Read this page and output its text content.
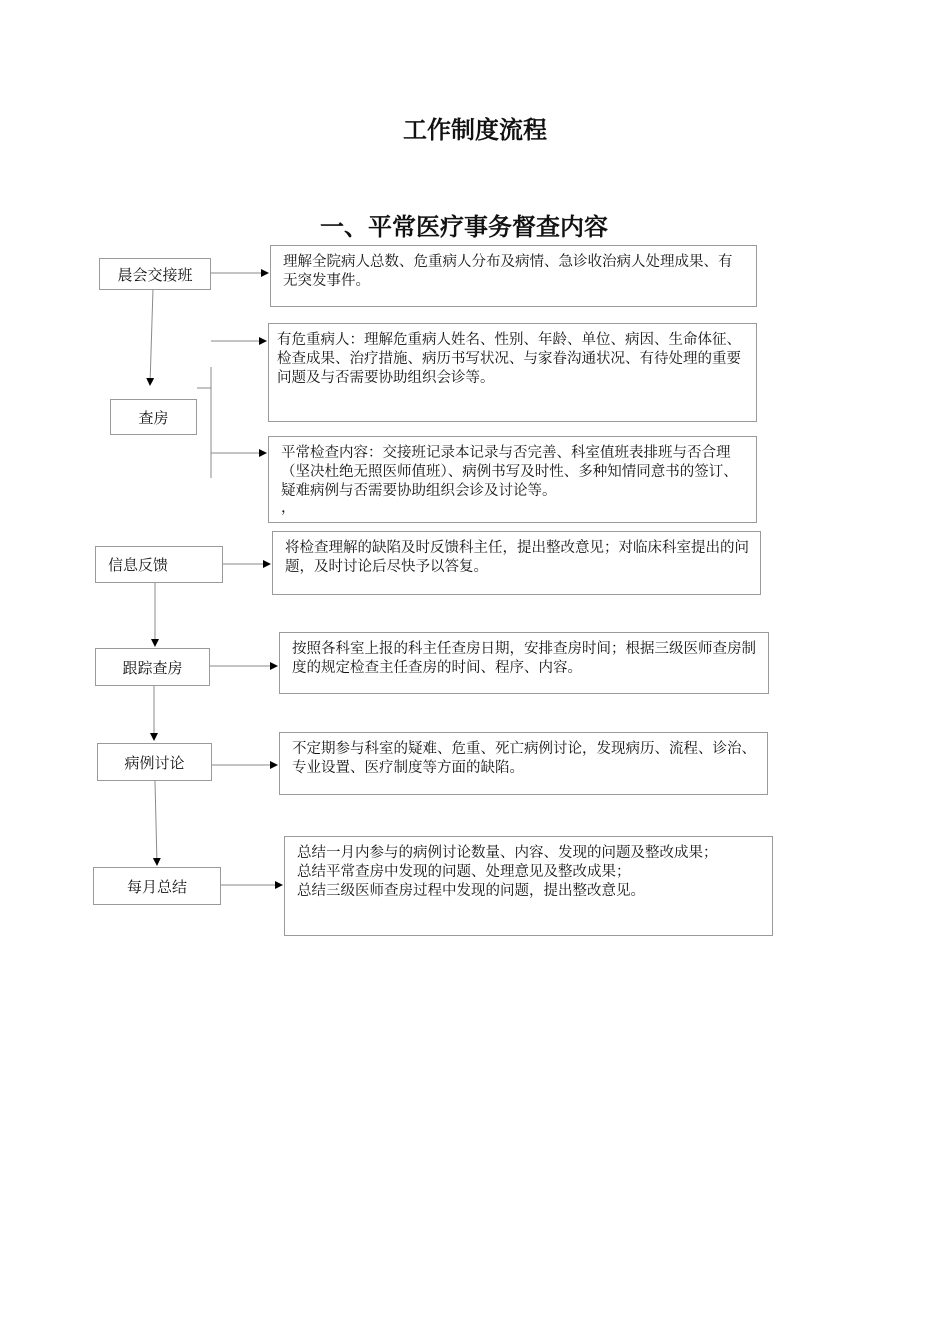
工作制度流程
一、平常医疗事务督查内容
晨会交接班
查房
信息反馈
跟踪查房
病例讨论
每月总结

理解全院病人总数、危重病人分布及病情、急诊收治病人处理成果、有无突发事件。

有危重病人：理解危重病人姓名、性别、年龄、单位、病因、生命体征、检查成果、治疗措施、病历书写状况、与家眷沟通状况、有待处理的重要问题及与否需要协助组织会诊等。

平常检查内容：交接班记录本记录与否完善、科室值班表排班与否合理（坚决杜绝无照医师值班）、病例书写及时性、多种知情同意书的签订、疑难病例与否需要协助组织会诊及讨论等。

，

将检查理解的缺陷及时反馈科主任，提出整改意见；对临床科室提出的问题，及时讨论后尽快予以答复。

按照各科室上报的科主任查房日期，安排查房时间；根据三级医师查房制度的规定检查主任查房的时间、程序、内容。

不定期参与科室的疑难、危重、死亡病例讨论，发现病历、流程、诊治、专业设置、医疗制度等方面的缺陷。

总结一月内参与的病例讨论数量、内容、发现的问题及整改成果；

总结平常查房中发现的问题、处理意见及整改成果；

总结三级医师查房过程中发现的问题，提出整改意见。
